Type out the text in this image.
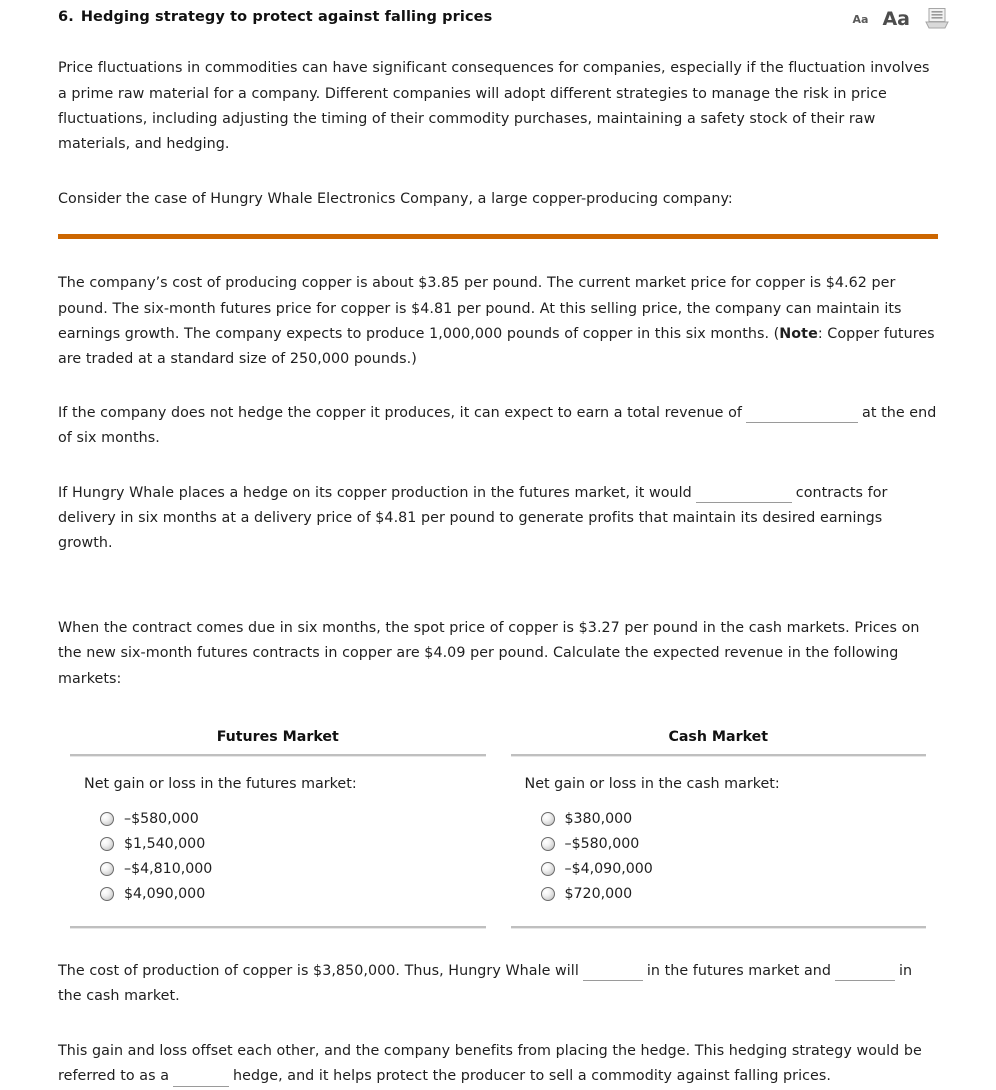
Aa Aa
6. Hedging strategy to protect against falling prices

Price fluctuations in commodities can have significant consequences for companies, especially if the fluctuation involves a prime raw material for a company. Different companies will adopt different strategies to manage the risk in price fluctuations, including adjusting the timing of their commodity purchases, maintaining a safety stock of their raw materials, and hedging.

Consider the case of Hungry Whale Electronics Company, a large copper-producing company:

The company’s cost of producing copper is about $3.85 per pound. The current market price for copper is $4.62 per pound. The six-month futures price for copper is $4.81 per pound. At this selling price, the company can maintain its earnings growth. The company expects to produce 1,000,000 pounds of copper in this six months. (Note: Copper futures are traded at a standard size of 250,000 pounds.)

If the company does not hedge the copper it produces, it can expect to earn a total revenue of	at the end of six months.

If Hungry Whale places a hedge on its copper production in the futures market, it would	contracts for delivery in six months at a delivery price of $4.81 per pound to generate profits that maintain its desired earnings growth.

When the contract comes due in six months, the spot price of copper is $3.27 per pound in the cash markets. Prices on the new six-month futures contracts in copper are $4.09 per pound. Calculate the expected revenue in the following markets:

Futures Market
Net gain or loss in the futures market:
–$580,000
$1,540,000
–$4,810,000
$4,090,000
Cash Market
Net gain or loss in the cash market:
$380,000
–$580,000
–$4,090,000
$720,000

The cost of production of copper is $3,850,000. Thus, Hungry Whale will	in the futures market and	in the cash market.

This gain and loss offset each other, and the company benefits from placing the hedge. This hedging strategy would be referred to as a	hedge, and it helps protect the producer to sell a commodity against falling prices.
